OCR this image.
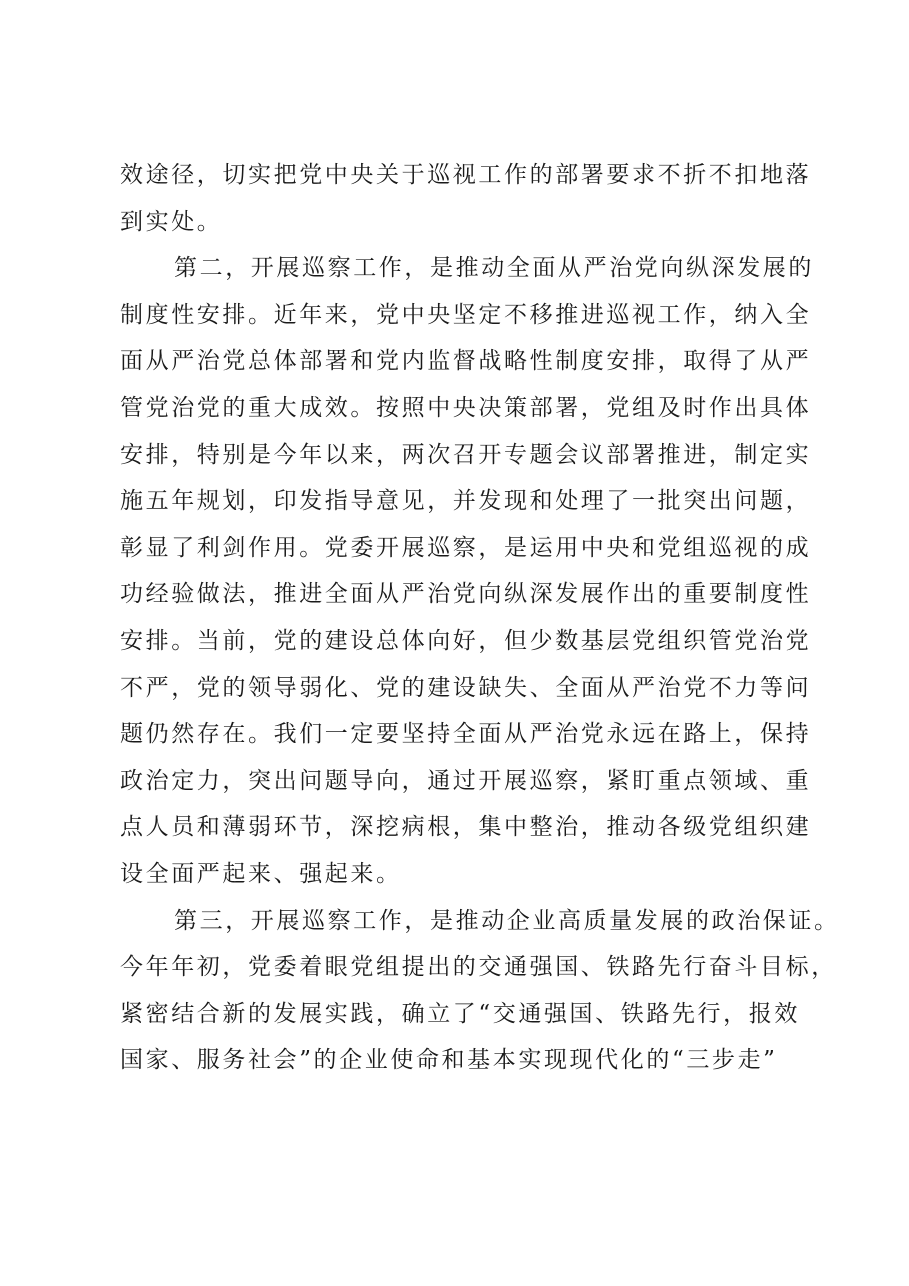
效途径，切实把党中央关于巡视工作的部署要求不折不扣地落
到实处。
第二，开展巡察工作，是推动全面从严治党向纵深发展的
制度性安排。近年来，党中央坚定不移推进巡视工作，纳入全
面从严治党总体部署和党内监督战略性制度安排，取得了从严
管党治党的重大成效。按照中央决策部署，党组及时作出具体
安排，特别是今年以来，两次召开专题会议部署推进，制定实
施五年规划，印发指导意见，并发现和处理了一批突出问题，
彰显了利剑作用。党委开展巡察，是运用中央和党组巡视的成
功经验做法，推进全面从严治党向纵深发展作出的重要制度性
安排。当前，党的建设总体向好，但少数基层党组织管党治党
不严，党的领导弱化、党的建设缺失、全面从严治党不力等问
题仍然存在。我们一定要坚持全面从严治党永远在路上，保持
政治定力，突出问题导向，通过开展巡察，紧盯重点领域、重
点人员和薄弱环节，深挖病根，集中整治，推动各级党组织建
设全面严起来、强起来。
第三，开展巡察工作，是推动企业高质量发展的政治保证。
今年年初，党委着眼党组提出的交通强国、铁路先行奋斗目标，
紧密结合新的发展实践，确立了“交通强国、铁路先行，报效
国家、服务社会”的企业使命和基本实现现代化的“三步走”
